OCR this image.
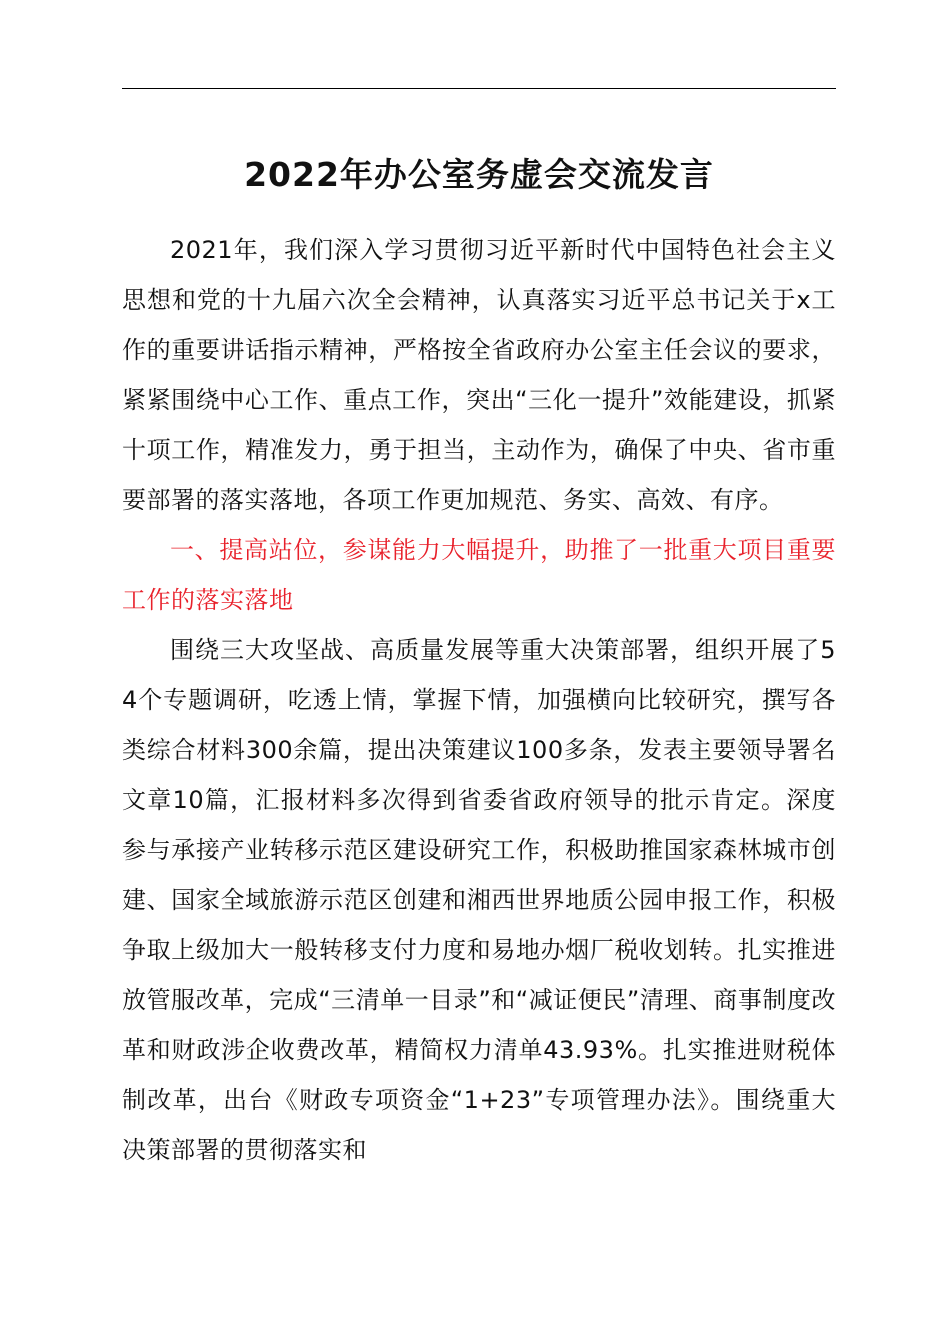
2022年办公室务虚会交流发言

2021年，我们深入学习贯彻习近平新时代中国特色社会主义思想和党的十九届六次全会精神，认真落实习近平总书记关于x工作的重要讲话指示精神，严格按全省政府办公室主任会议的要求，紧紧围绕中心工作、重点工作，突出“三化一提升”效能建设，抓紧十项工作，精准发力，勇于担当，主动作为，确保了中央、省市重要部署的落实落地，各项工作更加规范、务实、高效、有序。

一、提高站位，参谋能力大幅提升，助推了一批重大项目重要工作的落实落地

围绕三大攻坚战、高质量发展等重大决策部署，组织开展了54个专题调研，吃透上情，掌握下情，加强横向比较研究，撰写各类综合材料300余篇，提出决策建议100多条，发表主要领导署名文章10篇，汇报材料多次得到省委省政府领导的批示肯定。深度参与承接产业转移示范区建设研究工作，积极助推国家森林城市创建、国家全域旅游示范区创建和湘西世界地质公园申报工作，积极争取上级加大一般转移支付力度和易地办烟厂税收划转。扎实推进放管服改革，完成“三清单一目录”和“减证便民”清理、商事制度改革和财政涉企收费改革，精简权力清单43.93%。扎实推进财税体制改革，出台《财政专项资金“1+23”专项管理办法》。围绕重大决策部署的贯彻落实和
